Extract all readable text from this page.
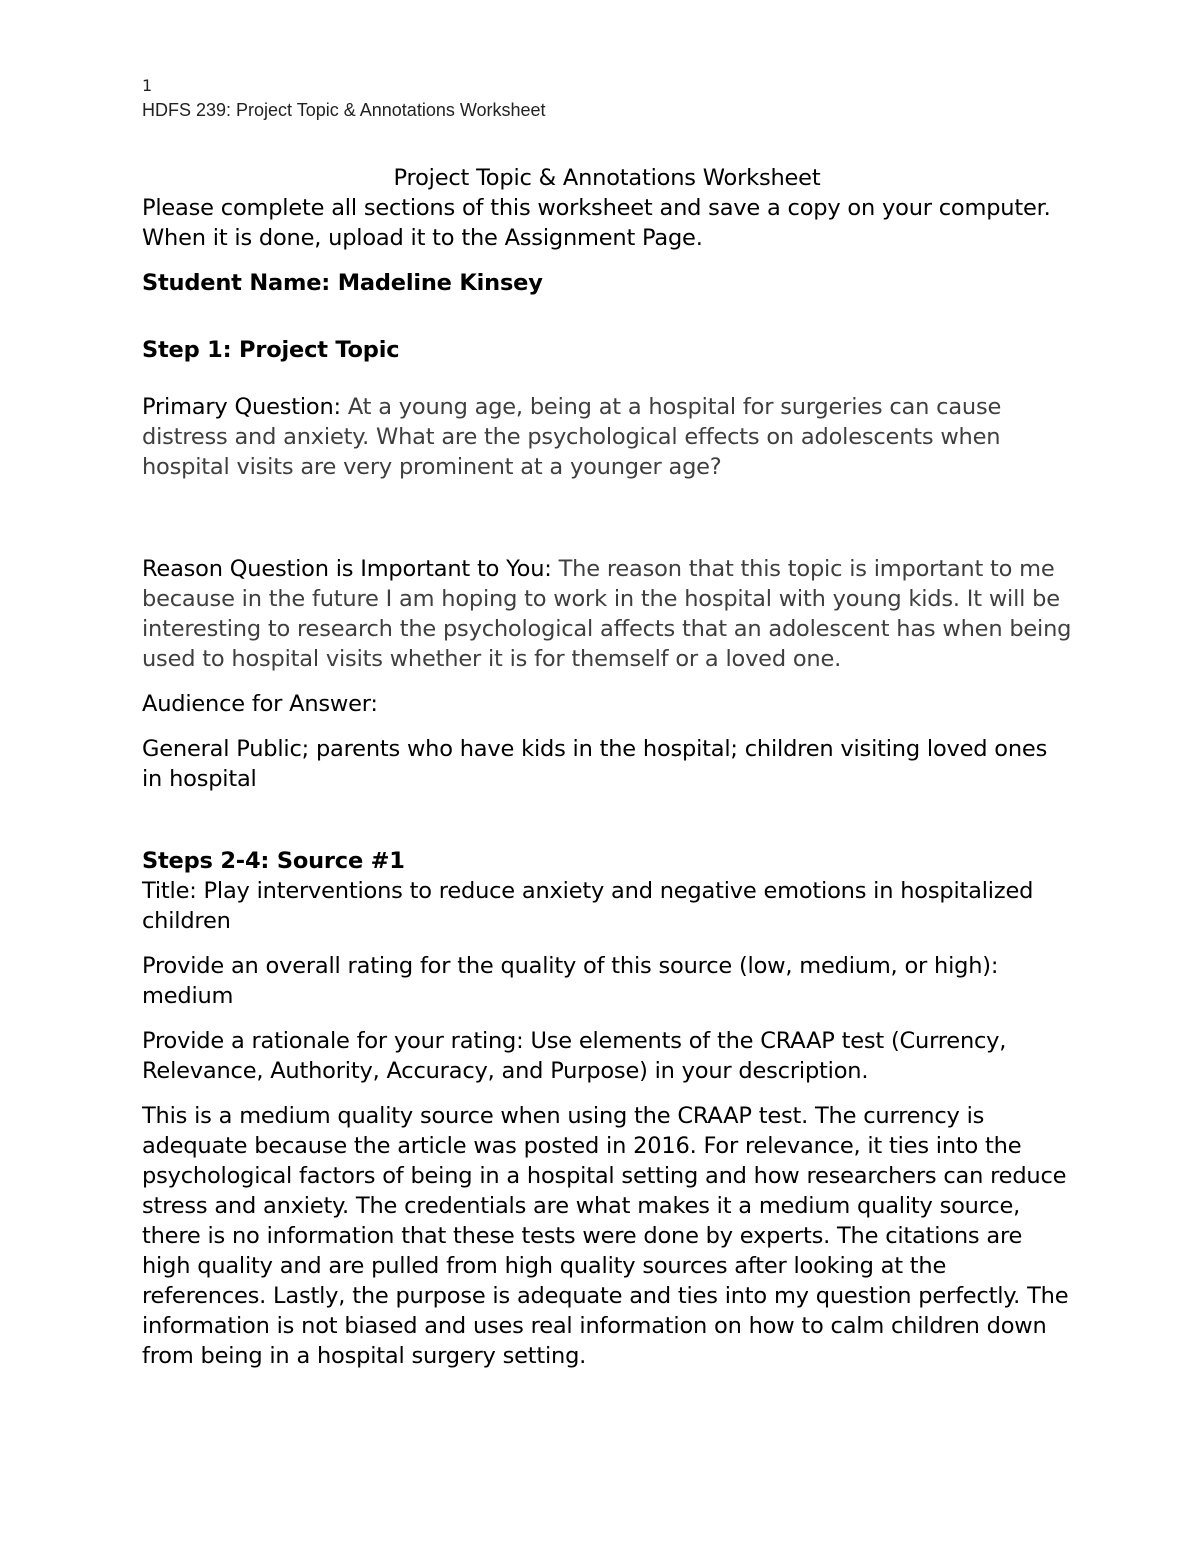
1
HDFS 239: Project Topic & Annotations Worksheet

Project Topic & Annotations Worksheet

Please complete all sections of this worksheet and save a copy on your computer. When it is done, upload it to the Assignment Page.

Student Name: Madeline Kinsey

Step 1: Project Topic

Primary Question: At a young age, being at a hospital for surgeries can cause distress and anxiety. What are the psychological effects on adolescents when hospital visits are very prominent at a younger age?

Reason Question is Important to You: The reason that this topic is important to me because in the future I am hoping to work in the hospital with young kids. It will be interesting to research the psychological affects that an adolescent has when being used to hospital visits whether it is for themself or a loved one.

Audience for Answer:

General Public; parents who have kids in the hospital; children visiting loved ones in hospital

Steps 2-4: Source #1

Title: Play interventions to reduce anxiety and negative emotions in hospitalized children

Provide an overall rating for the quality of this source (low, medium, or high):

medium

Provide a rationale for your rating: Use elements of the CRAAP test (Currency, Relevance, Authority, Accuracy, and Purpose) in your description.

This is a medium quality source when using the CRAAP test. The currency is adequate because the article was posted in 2016. For relevance, it ties into the psychological factors of being in a hospital setting and how researchers can reduce stress and anxiety. The credentials are what makes it a medium quality source, there is no information that these tests were done by experts. The citations are high quality and are pulled from high quality sources after looking at the references. Lastly, the purpose is adequate and ties into my question perfectly. The information is not biased and uses real information on how to calm children down from being in a hospital surgery setting.
